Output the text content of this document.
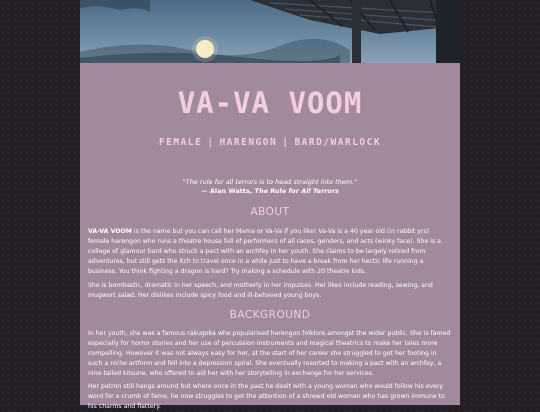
VA-VA VOOM
FEMALE | HARENGON | BARD/WARLOCK
"The rule for all terrors is to head straight into them."
— Alan Watts, The Rule for All Terrors
ABOUT

VA-VA VOOM is the name but you can call her Mama or Va-Va if you like! Va-Va is a 40 year old (in rabbit yrs) female harengon who runs a theatre house full of performers of all races, genders, and acts (winky face). She is a college of glamour bard who struck a pact with an archfey in her youth. She claims to be largely retired from adventures, but still gets the itch to travel once in a while just to have a break from her hectic life running a business. You think fighting a dragon is hard? Try making a schedule with 20 theatre kids.

She is bombastic, dramatic in her speech, and motherly in her impulses. Her likes include reading, sewing, and mugwort salad. Her dislikes include spicy food and ill-behaved young boys.

BACKGROUND

In her youth, she was a famous rakugoka who popularised harengon folklore amongst the wider public. She is famed especially for horror stories and her use of percussion instruments and magical theatrics to make her tales more compelling. However it was not always easy for her, at the start of her career she struggled to get her footing in such a niche artform and fell into a depression spiral. She eventually resorted to making a pact with an archfey, a nine-tailed kitsune, who offered to aid her with her storytelling in exchange for her services.

Her patron still hangs around but where once in the past he dealt with a young woman who would follow his every word for a crumb of fame, he now struggles to get the attention of a shrewd old woman who has grown immune to his charms and flattery.
